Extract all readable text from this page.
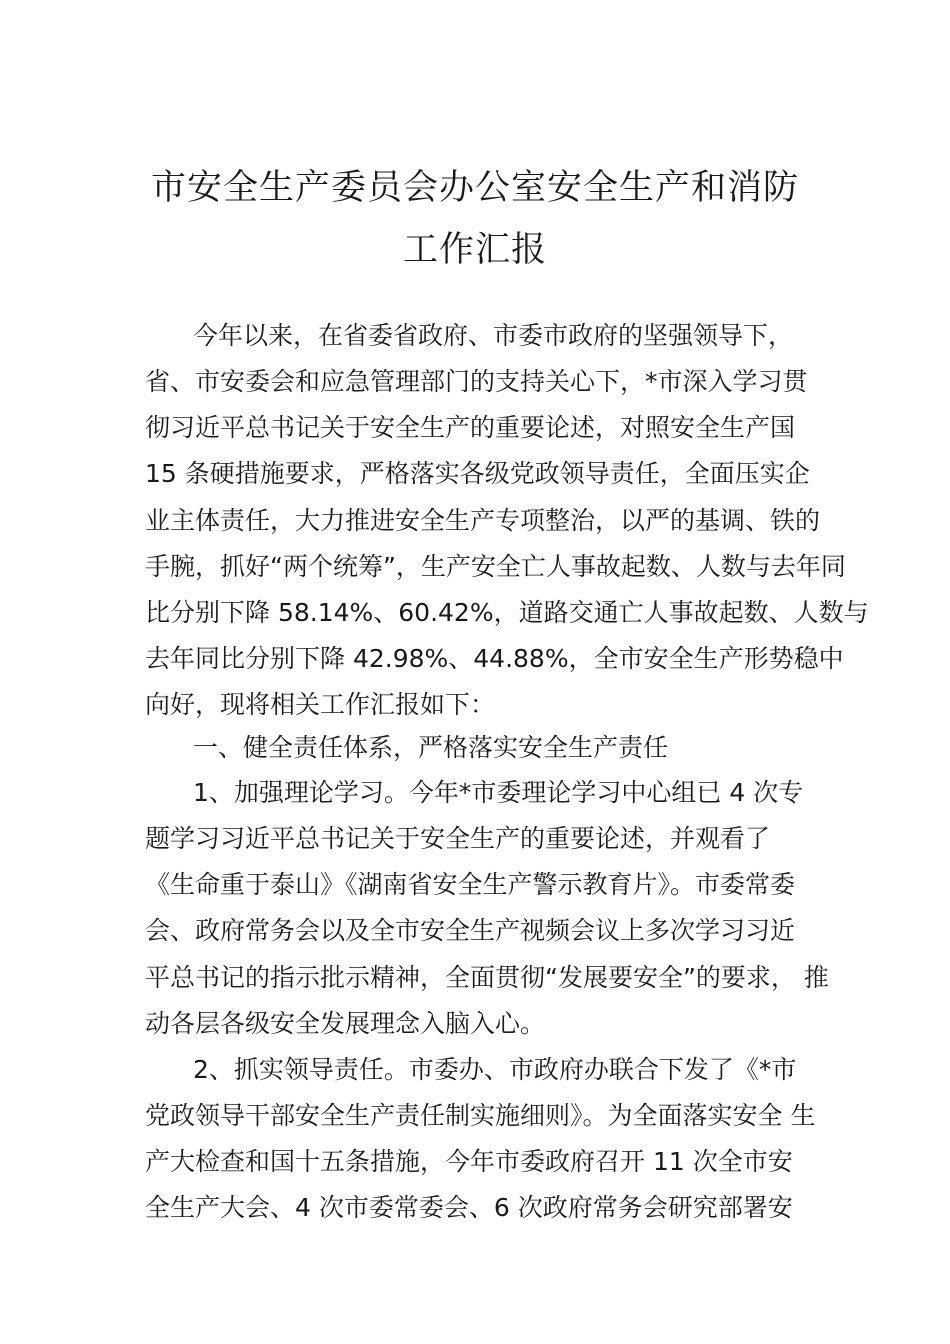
市安全生产委员会办公室安全生产和消防
工作汇报
今年以来，在省委省政府、市委市政府的坚强领导下，
省、市安委会和应急管理部门的支持关心下，*市深入学习贯
彻习近平总书记关于安全生产的重要论述，对照安全生产国
15 条硬措施要求，严格落实各级党政领导责任，全面压实企
业主体责任，大力推进安全生产专项整治，以严的基调、铁的
手腕，抓好“两个统筹”，生产安全亡人事故起数、人数与去年同
比分别下降 58.14%、60.42%，道路交通亡人事故起数、人数与
去年同比分别下降 42.98%、44.88%，全市安全生产形势稳中
向好，现将相关工作汇报如下：
一、健全责任体系，严格落实安全生产责任
1、加强理论学习。今年*市委理论学习中心组已 4 次专
题学习习近平总书记关于安全生产的重要论述，并观看了
《生命重于泰山》《湖南省安全生产警示教育片》。市委常委
会、政府常务会以及全市安全生产视频会议上多次学习习近
平总书记的指示批示精神，全面贯彻“发展要安全”的要求， 推
动各层各级安全发展理念入脑入心。
2、抓实领导责任。市委办、市政府办联合下发了《*市
党政领导干部安全生产责任制实施细则》。为全面落实安全 生
产大检查和国十五条措施，今年市委政府召开 11 次全市安
全生产大会、4 次市委常委会、6 次政府常务会研究部署安
